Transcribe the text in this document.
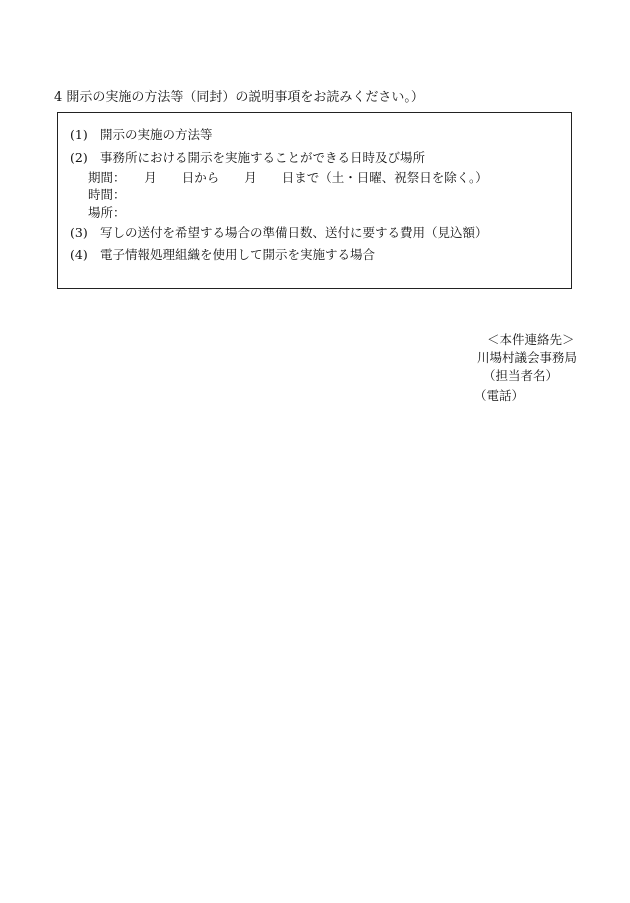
4 開示の実施の方法等（同封）の説明事項をお読みください。）
(1) 開示の実施の方法等
(2) 事務所における開示を実施することができる日時及び場所
期間：　　月　　日から　　月　　日まで（土・日曜、祝祭日を除く。）
時間：
場所：
(3) 写しの送付を希望する場合の準備日数、送付に要する費用（見込額）
(4) 電子情報処理組織を使用して開示を実施する場合
＜本件連絡先＞
川場村議会事務局
（担当者名）
（電話）
